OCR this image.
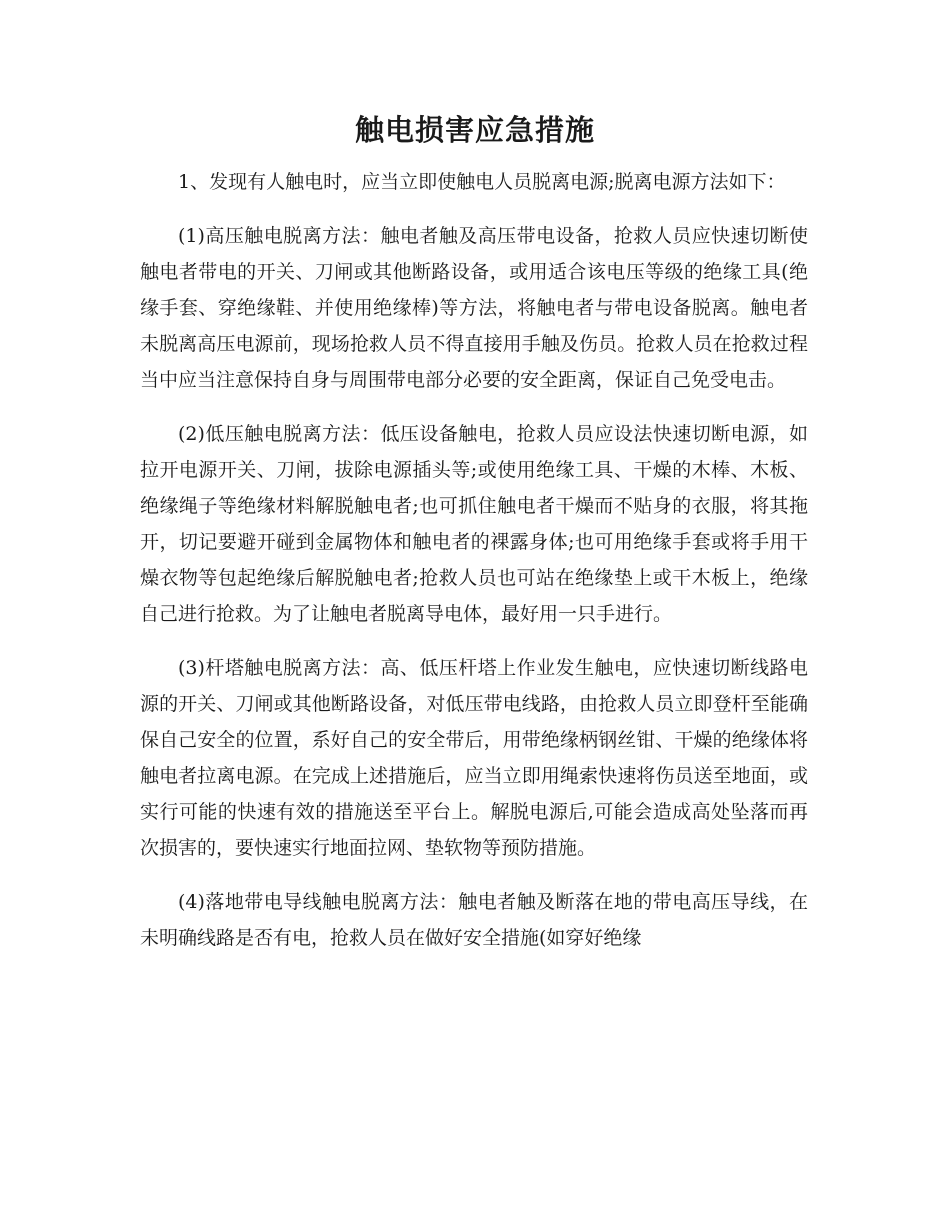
触电损害应急措施

1、发现有人触电时，应当立即使触电人员脱离电源;脱离电源方法如下：

(1)高压触电脱离方法：触电者触及高压带电设备，抢救人员应快速切断使触电者带电的开关、刀闸或其他断路设备，或用适合该电压等级的绝缘工具(绝缘手套、穿绝缘鞋、并使用绝缘棒)等方法，将触电者与带电设备脱离。触电者未脱离高压电源前，现场抢救人员不得直接用手触及伤员。抢救人员在抢救过程当中应当注意保持自身与周围带电部分必要的安全距离，保证自己免受电击。

(2)低压触电脱离方法：低压设备触电，抢救人员应设法快速切断电源，如拉开电源开关、刀闸，拔除电源插头等;或使用绝缘工具、干燥的木棒、木板、绝缘绳子等绝缘材料解脱触电者;也可抓住触电者干燥而不贴身的衣服，将其拖开，切记要避开碰到金属物体和触电者的裸露身体;也可用绝缘手套或将手用干燥衣物等包起绝缘后解脱触电者;抢救人员也可站在绝缘垫上或干木板上，绝缘自己进行抢救。为了让触电者脱离导电体，最好用一只手进行。

(3)杆塔触电脱离方法：高、低压杆塔上作业发生触电，应快速切断线路电源的开关、刀闸或其他断路设备，对低压带电线路，由抢救人员立即登杆至能确保自己安全的位置，系好自己的安全带后，用带绝缘柄钢丝钳、干燥的绝缘体将触电者拉离电源。在完成上述措施后，应当立即用绳索快速将伤员送至地面，或实行可能的快速有效的措施送至平台上。解脱电源后,可能会造成高处坠落而再次损害的，要快速实行地面拉网、垫软物等预防措施。

(4)落地带电导线触电脱离方法：触电者触及断落在地的带电高压导线，在未明确线路是否有电，抢救人员在做好安全措施(如穿好绝缘
